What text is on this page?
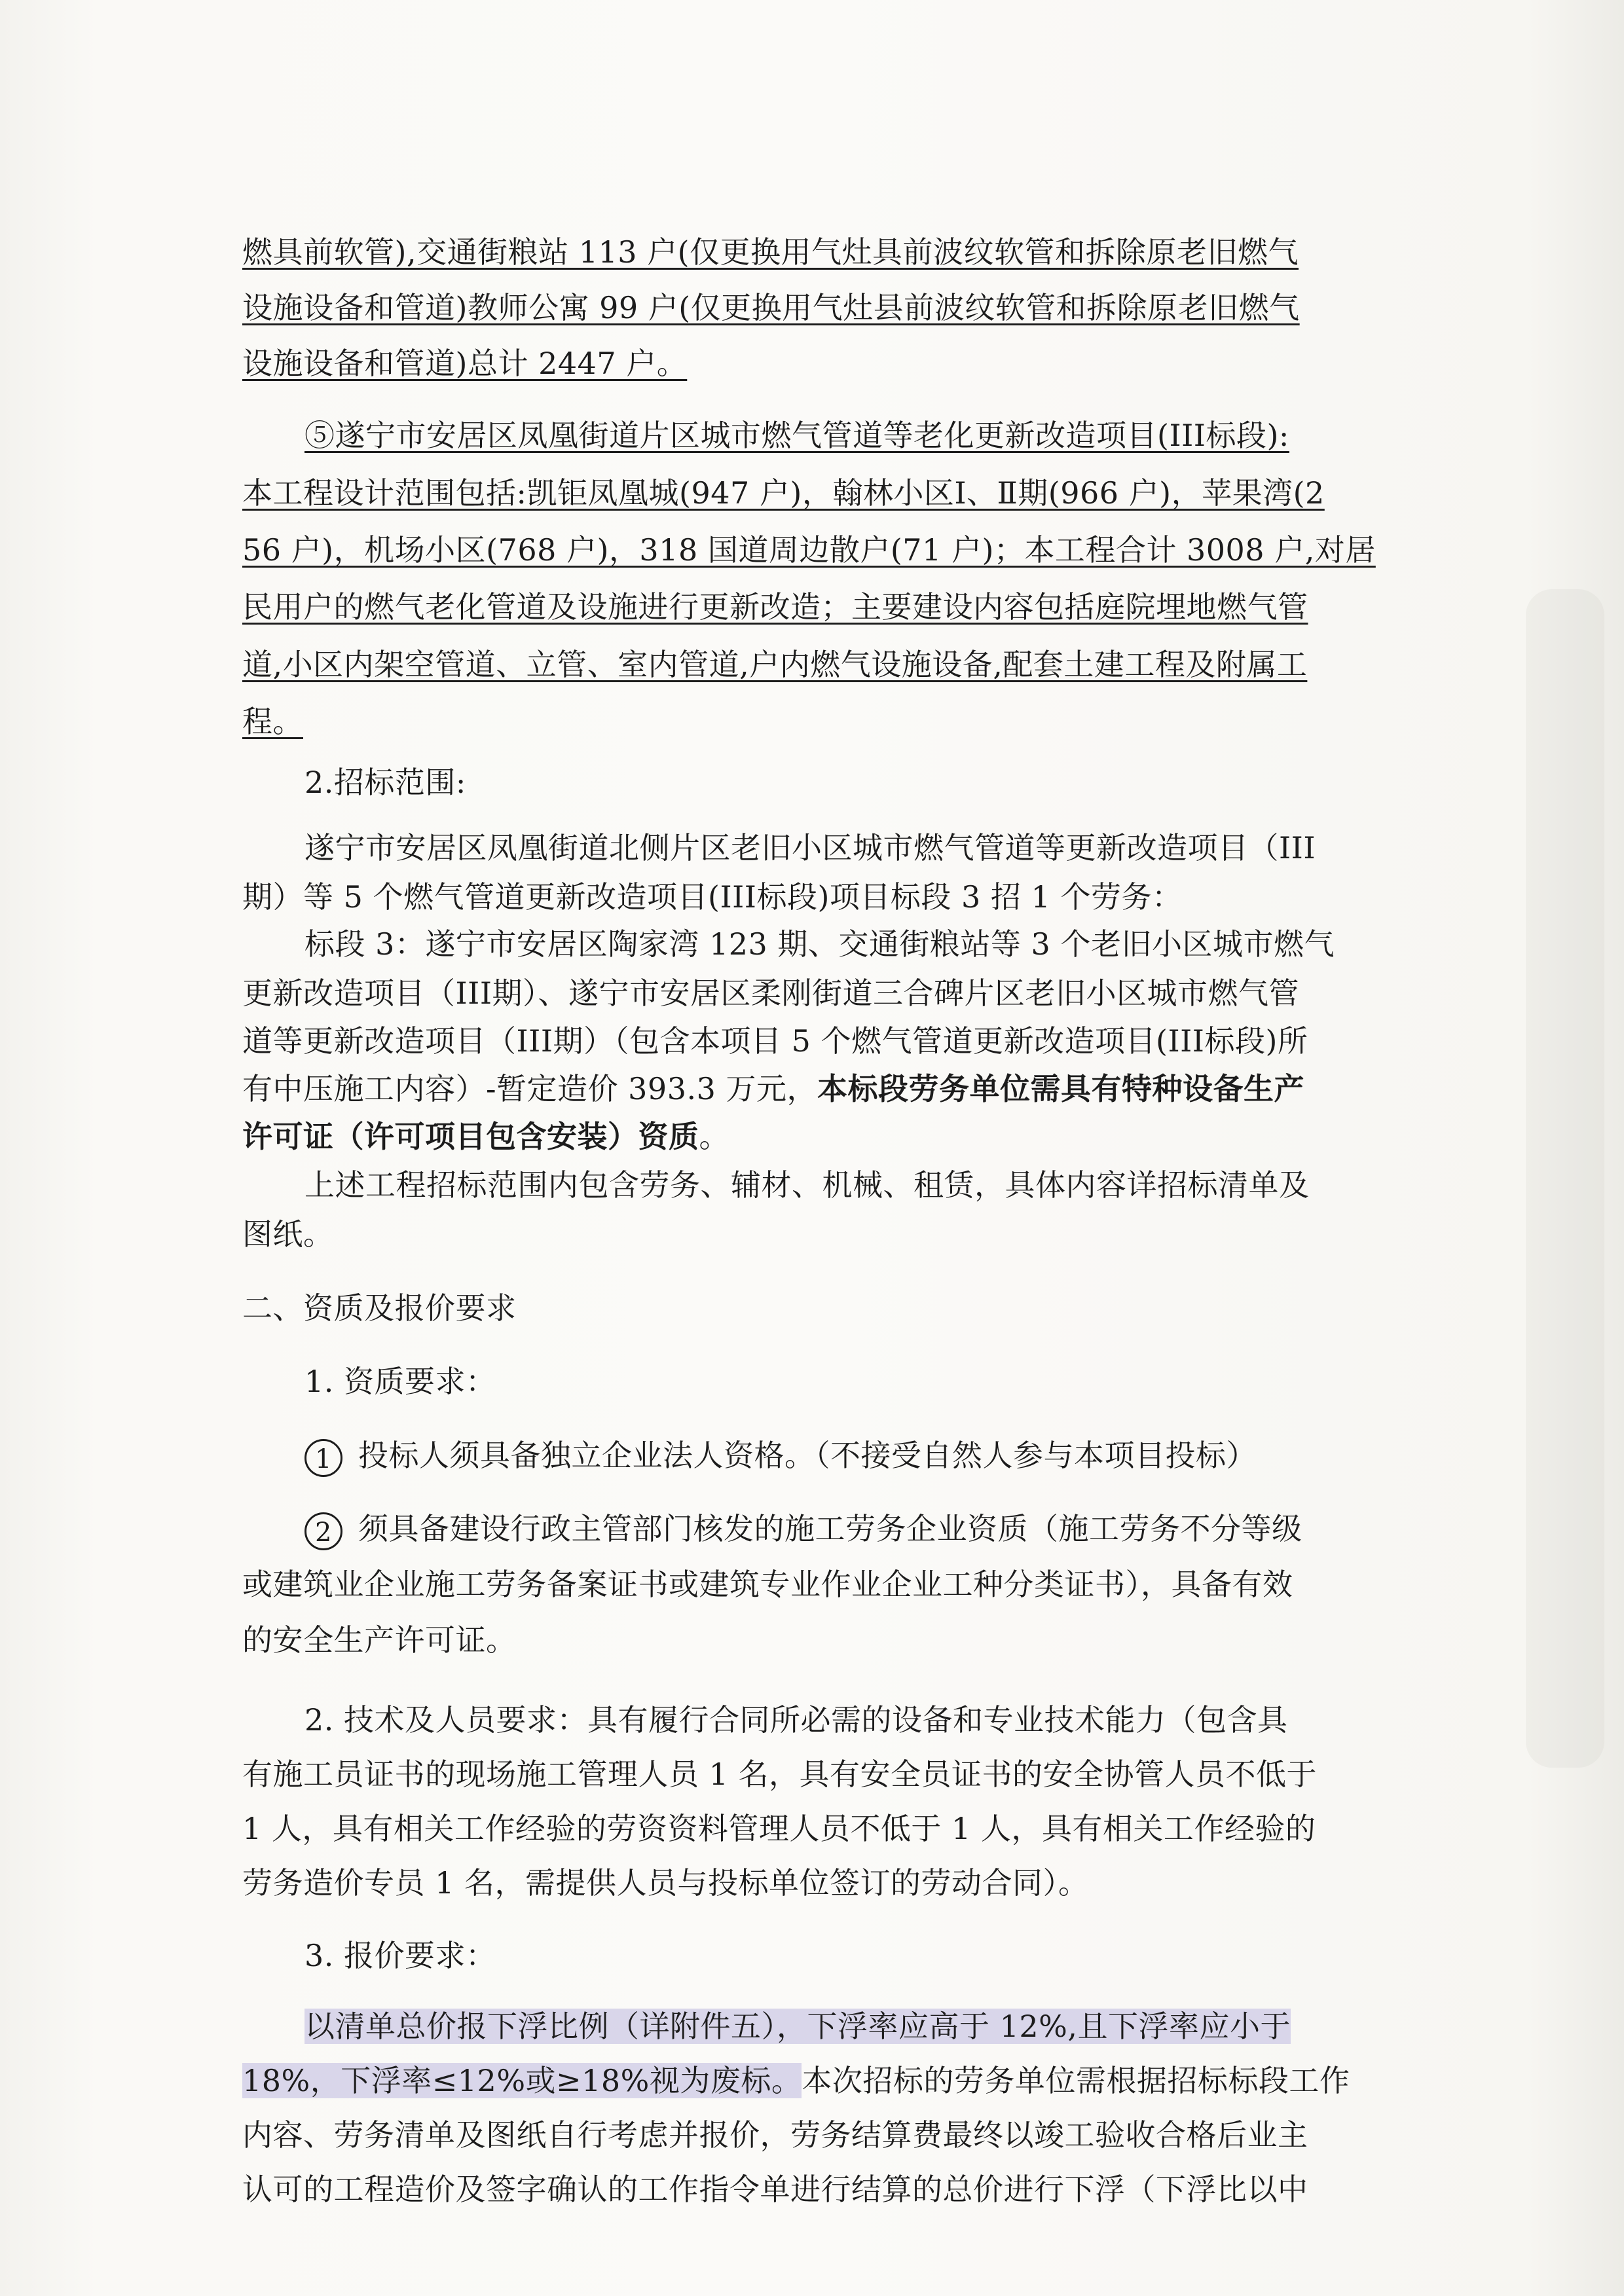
燃具前软管),交通街粮站 113 户(仅更换用气灶具前波纹软管和拆除原老旧燃气
设施设备和管道)教师公寓 99 户(仅更换用气灶县前波纹软管和拆除原老旧燃气
设施设备和管道)总计 2447 户。
⑤遂宁市安居区凤凰街道片区城市燃气管道等老化更新改造项目(III标段):
本工程设计范围包括:凯钜凤凰城(947 户)，翰林小区Ⅰ、Ⅱ期(966 户)，苹果湾(2
56 户)，机场小区(768 户)，318 国道周边散户(71 户)；本工程合计 3008 户,对居
民用户的燃气老化管道及设施进行更新改造；主要建设内容包括庭院埋地燃气管
道,小区内架空管道、立管、室内管道,户内燃气设施设备,配套土建工程及附属工
程。
2.招标范围:
遂宁市安居区凤凰街道北侧片区老旧小区城市燃气管道等更新改造项目（III
期）等 5 个燃气管道更新改造项目(III标段)项目标段 3 招 1 个劳务：
标段 3：遂宁市安居区陶家湾 123 期、交通街粮站等 3 个老旧小区城市燃气
更新改造项目（III期）、遂宁市安居区柔刚街道三合碑片区老旧小区城市燃气管
道等更新改造项目（III期）（包含本项目 5 个燃气管道更新改造项目(III标段)所
有中压施工内容）-暂定造价 393.3 万元，本标段劳务单位需具有特种设备生产
许可证（许可项目包含安装）资质。
上述工程招标范围内包含劳务、辅材、机械、租赁，具体内容详招标清单及
图纸。
二、资质及报价要求
1. 资质要求：
1 投标人须具备独立企业法人资格。（不接受自然人参与本项目投标）
2 须具备建设行政主管部门核发的施工劳务企业资质（施工劳务不分等级
或建筑业企业施工劳务备案证书或建筑专业作业企业工种分类证书），具备有效
的安全生产许可证。
2. 技术及人员要求：具有履行合同所必需的设备和专业技术能力（包含具
有施工员证书的现场施工管理人员 1 名，具有安全员证书的安全协管人员不低于
1 人，具有相关工作经验的劳资资料管理人员不低于 1 人，具有相关工作经验的
劳务造价专员 1 名，需提供人员与投标单位签订的劳动合同）。
3. 报价要求：
以清单总价报下浮比例（详附件五），下浮率应高于 12%,且下浮率应小于
18%，下浮率≤12%或≥18%视为废标。本次招标的劳务单位需根据招标标段工作
内容、劳务清单及图纸自行考虑并报价，劳务结算费最终以竣工验收合格后业主
认可的工程造价及签字确认的工作指令单进行结算的总价进行下浮（下浮比以中
